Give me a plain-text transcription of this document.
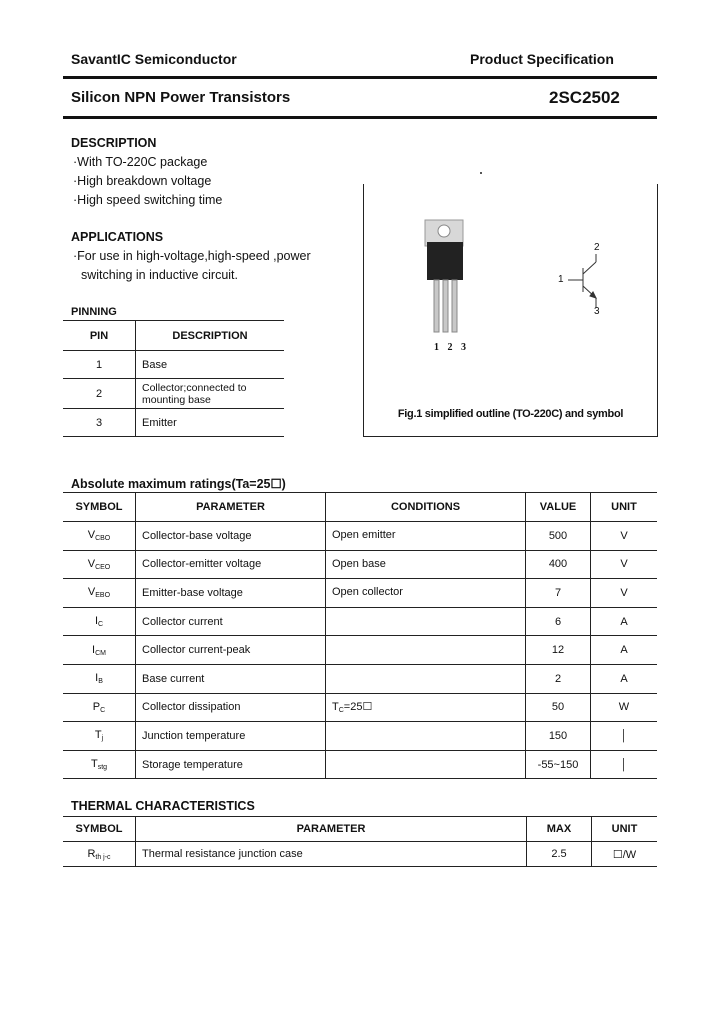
SavantIC Semiconductor	Product Specification
Silicon NPN Power Transistors	2SC2502
DESCRIPTION
·With TO-220C package
·High breakdown voltage
·High speed switching time
APPLICATIONS
·For use in high-voltage,high-speed ,power
switching in inductive circuit.
PINNING
PIN	DESCRIPTION
1	Base
2	Collector;connected to
mounting base
3	Emitter
1 2 3
1
2
3
Fig.1 simplified outline (TO-220C) and symbol
Absolute maximum ratings(Ta=25☐)
SYMBOL	PARAMETER	CONDITIONS	VALUE	UNIT
$V_{CBO}$	Collector-base voltage	Open emitter	500	V
$V_{CEO}$	Collector-emitter voltage	Open base	400	V
$V_{EBO}$	Emitter-base voltage	Open collector	7	V
$I_C$	Collector current		6	A
$I_{CM}$	Collector current-peak		12	A
$I_B$	Base current		2	A
$P_C$	Collector dissipation	$T_C=25☐$	50	W
$T_j$	Junction temperature		150	│
$T_{stg}$	Storage temperature		-55~150	│
THERMAL CHARACTERISTICS
SYMBOL	PARAMETER	MAX	UNIT
$R_{th j-c}$	Thermal resistance junction case	2.5	☐/W
